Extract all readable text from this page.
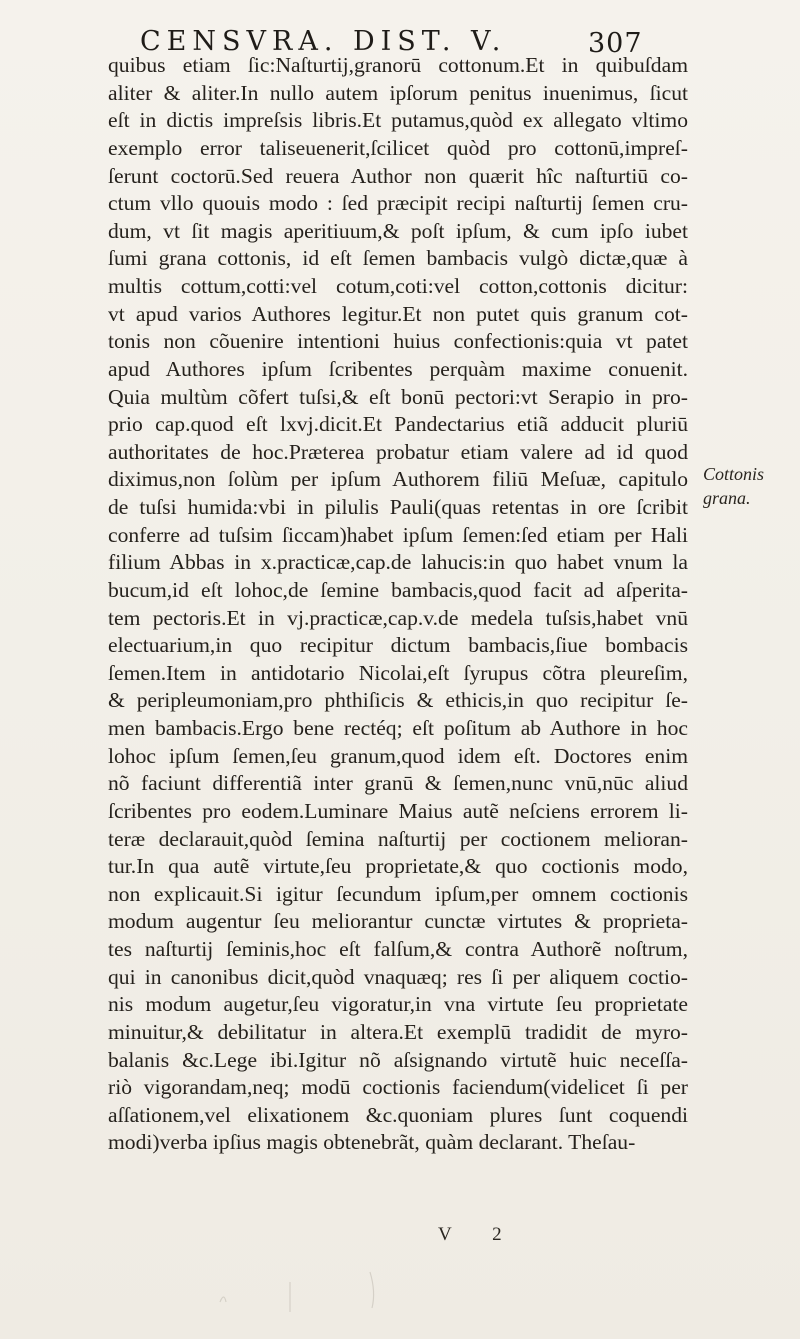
CENSVRA. DIST. V.	307
quibus etiam ſic:Naſturtij,granorū cottonum.Et in quibuſdam
aliter & aliter.In nullo autem ipſorum penitus inuenimus, ſicut
eſt in dictis impreſsis libris.Et putamus,quòd ex allegato vltimo
exemplo error taliseuenerit,ſcilicet quòd pro cottonū,impreſ-
ſerunt coctorū.Sed reuera Author non quærit hîc naſturtiū co-
ctum vllo quouis modo : ſed præcipit recipi naſturtij ſemen cru-
dum, vt ſit magis aperitiuum,& poſt ipſum, & cum ipſo iubet
ſumi grana cottonis, id eſt ſemen bambacis vulgò dictæ,quæ à
multis cottum,cotti:vel cotum,coti:vel cotton,cottonis dicitur:
vt apud varios Authores legitur.Et non putet quis granum cot-
tonis non cõuenire intentioni huius confectionis:quia vt patet
apud Authores ipſum ſcribentes perquàm maxime conuenit.
Quia multùm cõfert tuſsi,& eſt bonū pectori:vt Serapio in pro-
prio cap.quod eſt lxvj.dicit.Et Pandectarius etiã adducit pluriū
authoritates de hoc.Præterea probatur etiam valere ad id quod
diximus,non ſolùm per ipſum Authorem filiū Meſuæ, capitulo
de tuſsi humida:vbi in pilulis Pauli(quas retentas in ore ſcribit
conferre ad tuſsim ſiccam)habet ipſum ſemen:ſed etiam per Hali
filium Abbas in x.practicæ,cap.de lahucis:in quo habet vnum la
bucum,id eſt lohoc,de ſemine bambacis,quod facit ad aſperita-
tem pectoris.Et in vj.practicæ,cap.v.de medela tuſsis,habet vnū
electuarium,in quo recipitur dictum bambacis,ſiue bombacis
ſemen.Item in antidotario Nicolai,eſt ſyrupus cõtra pleureſim,
& peripleumoniam,pro phthiſicis & ethicis,in quo recipitur ſe-
men bambacis.Ergo bene rectéq; eſt poſitum ab Authore in hoc
lohoc ipſum ſemen,ſeu granum,quod idem eſt. Doctores enim
nõ faciunt differentiã inter granū & ſemen,nunc vnū,nūc aliud
ſcribentes pro eodem.Luminare Maius autẽ neſciens errorem li-
teræ declarauit,quòd ſemina naſturtij per coctionem melioran-
tur.In qua autẽ virtute,ſeu proprietate,& quo coctionis modo,
non explicauit.Si igitur ſecundum ipſum,per omnem coctionis
modum augentur ſeu meliorantur cunctæ virtutes & proprieta-
tes naſturtij ſeminis,hoc eſt falſum,& contra Authorẽ noſtrum,
qui in canonibus dicit,quòd vnaquæq; res ſi per aliquem coctio-
nis modum augetur,ſeu vigoratur,in vna virtute ſeu proprietate
minuitur,& debilitatur in altera.Et exemplū tradidit de myro-
balanis &c.Lege ibi.Igitur nõ aſsignando virtutẽ huic neceſſa-
riò vigorandam,neq; modū coctionis faciendum(videlicet ſi per
aſſationem,vel elixationem &c.quoniam plures ſunt coquendi
modi)verba ipſius magis obtenebrãt, quàm declarant. Theſau-
Cottonis
grana.
V 2
